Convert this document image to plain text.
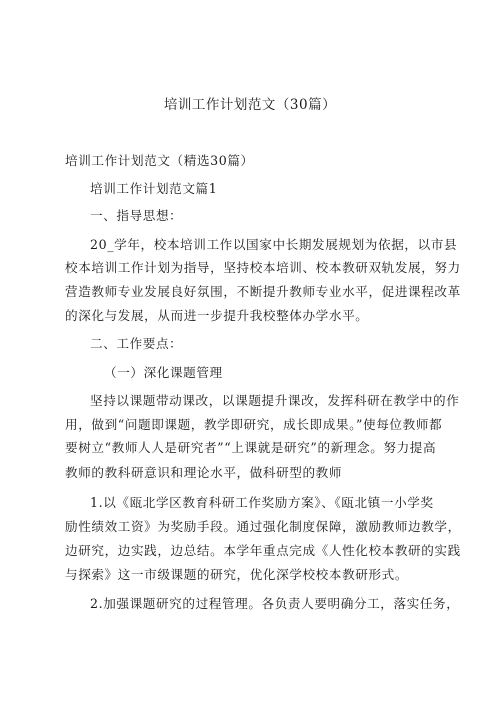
培训工作计划范文（30篇）
培训工作计划范文（精选30篇）
培训工作计划范文篇1
一、指导思想：
20_学年，校本培训工作以国家中长期发展规划为依据，以市县
校本培训工作计划为指导，坚持校本培训、校本教研双轨发展，努力
营造教师专业发展良好氛围，不断提升教师专业水平，促进课程改革
的深化与发展，从而进一步提升我校整体办学水平。
二、工作要点：
（一）深化课题管理
坚持以课题带动课改，以课题提升课改，发挥科研在教学中的作
用，做到“问题即课题，教学即研究，成长即成果。”使每位教师都
要树立“教师人人是研究者”“上课就是研究”的新理念。努力提高
教师的教科研意识和理论水平，做科研型的教师
1.以《瓯北学区教育科研工作奖励方案》、《瓯北镇一小学奖
励性绩效工资》为奖励手段。通过强化制度保障，激励教师边教学，
边研究，边实践，边总结。本学年重点完成《人性化校本教研的实践
与探索》这一市级课题的研究，优化深学校校本教研形式。
2.加强课题研究的过程管理。各负责人要明确分工，落实任务，
